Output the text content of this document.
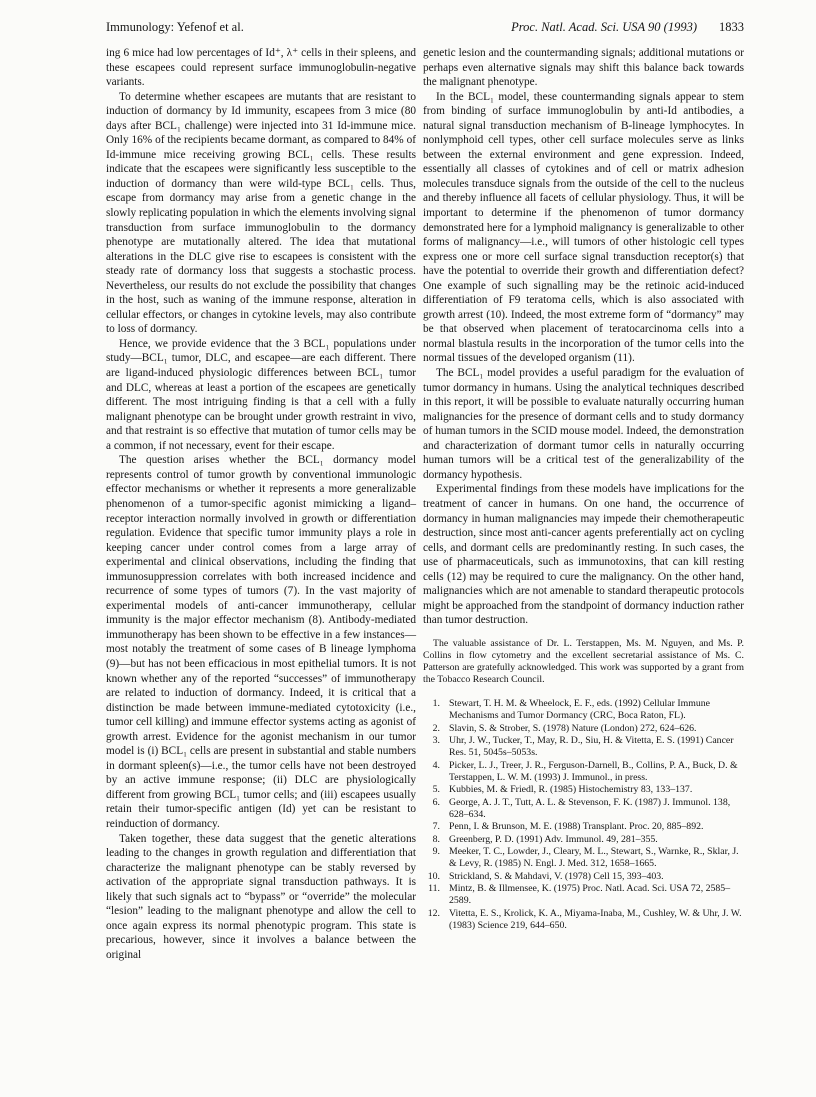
Immunology: Yefenof et al.	Proc. Natl. Acad. Sci. USA 90 (1993) 1833

ing 6 mice had low percentages of Id⁺, λ⁺ cells in their spleens, and these escapees could represent surface immunoglobulin-negative variants.

To determine whether escapees are mutants that are resistant to induction of dormancy by Id immunity, escapees from 3 mice (80 days after BCL₁ challenge) were injected into 31 Id-immune mice. Only 16% of the recipients became dormant, as compared to 84% of Id-immune mice receiving growing BCL₁ cells. These results indicate that the escapees were significantly less susceptible to the induction of dormancy than were wild-type BCL₁ cells. Thus, escape from dormancy may arise from a genetic change in the slowly replicating population in which the elements involving signal transduction from surface immunoglobulin to the dormancy phenotype are mutationally altered. The idea that mutational alterations in the DLC give rise to escapees is consistent with the steady rate of dormancy loss that suggests a stochastic process. Nevertheless, our results do not exclude the possibility that changes in the host, such as waning of the immune response, alteration in cellular effectors, or changes in cytokine levels, may also contribute to loss of dormancy.

Hence, we provide evidence that the 3 BCL₁ populations under study—BCL₁ tumor, DLC, and escapee—are each different. There are ligand-induced physiologic differences between BCL₁ tumor and DLC, whereas at least a portion of the escapees are genetically different. The most intriguing finding is that a cell with a fully malignant phenotype can be brought under growth restraint in vivo, and that restraint is so effective that mutation of tumor cells may be a common, if not necessary, event for their escape.

The question arises whether the BCL₁ dormancy model represents control of tumor growth by conventional immunologic effector mechanisms or whether it represents a more generalizable phenomenon of a tumor-specific agonist mimicking a ligand–receptor interaction normally involved in growth or differentiation regulation. Evidence that specific tumor immunity plays a role in keeping cancer under control comes from a large array of experimental and clinical observations, including the finding that immunosuppression correlates with both increased incidence and recurrence of some types of tumors (7). In the vast majority of experimental models of anti-cancer immunotherapy, cellular immunity is the major effector mechanism (8). Antibody-mediated immunotherapy has been shown to be effective in a few instances—most notably the treatment of some cases of B lineage lymphoma (9)—but has not been efficacious in most epithelial tumors. It is not known whether any of the reported “successes” of immunotherapy are related to induction of dormancy. Indeed, it is critical that a distinction be made between immune-mediated cytotoxicity (i.e., tumor cell killing) and immune effector systems acting as agonist of growth arrest. Evidence for the agonist mechanism in our tumor model is (i) BCL₁ cells are present in substantial and stable numbers in dormant spleen(s)—i.e., the tumor cells have not been destroyed by an active immune response; (ii) DLC are physiologically different from growing BCL₁ tumor cells; and (iii) escapees usually retain their tumor-specific antigen (Id) yet can be resistant to reinduction of dormancy.

Taken together, these data suggest that the genetic alterations leading to the changes in growth regulation and differentiation that characterize the malignant phenotype can be stably reversed by activation of the appropriate signal transduction pathways. It is likely that such signals act to “bypass” or “override” the molecular “lesion” leading to the malignant phenotype and allow the cell to once again express its normal phenotypic program. This state is precarious, however, since it involves a balance between the original

genetic lesion and the countermanding signals; additional mutations or perhaps even alternative signals may shift this balance back towards the malignant phenotype.

In the BCL₁ model, these countermanding signals appear to stem from binding of surface immunoglobulin by anti-Id antibodies, a natural signal transduction mechanism of B-lineage lymphocytes. In nonlymphoid cell types, other cell surface molecules serve as links between the external environment and gene expression. Indeed, essentially all classes of cytokines and of cell or matrix adhesion molecules transduce signals from the outside of the cell to the nucleus and thereby influence all facets of cellular physiology. Thus, it will be important to determine if the phenomenon of tumor dormancy demonstrated here for a lymphoid malignancy is generalizable to other forms of malignancy—i.e., will tumors of other histologic cell types express one or more cell surface signal transduction receptor(s) that have the potential to override their growth and differentiation defect? One example of such signalling may be the retinoic acid-induced differentiation of F9 teratoma cells, which is also associated with growth arrest (10). Indeed, the most extreme form of “dormancy” may be that observed when placement of teratocarcinoma cells into a normal blastula results in the incorporation of the tumor cells into the normal tissues of the developed organism (11).

The BCL₁ model provides a useful paradigm for the evaluation of tumor dormancy in humans. Using the analytical techniques described in this report, it will be possible to evaluate naturally occurring human malignancies for the presence of dormant cells and to study dormancy of human tumors in the SCID mouse model. Indeed, the demonstration and characterization of dormant tumor cells in naturally occurring human tumors will be a critical test of the generalizability of the dormancy hypothesis.

Experimental findings from these models have implications for the treatment of cancer in humans. On one hand, the occurrence of dormancy in human malignancies may impede their chemotherapeutic destruction, since most anti-cancer agents preferentially act on cycling cells, and dormant cells are predominantly resting. In such cases, the use of pharmaceuticals, such as immunotoxins, that can kill resting cells (12) may be required to cure the malignancy. On the other hand, malignancies which are not amenable to standard therapeutic protocols might be approached from the standpoint of dormancy induction rather than tumor destruction.

The valuable assistance of Dr. L. Terstappen, Ms. M. Nguyen, and Ms. P. Collins in flow cytometry and the excellent secretarial assistance of Ms. C. Patterson are gratefully acknowledged. This work was supported by a grant from the Tobacco Research Council.

1. Stewart, T. H. M. & Wheelock, E. F., eds. (1992) Cellular Immune Mechanisms and Tumor Dormancy (CRC, Boca Raton, FL).
2. Slavin, S. & Strober, S. (1978) Nature (London) 272, 624–626.
3. Uhr, J. W., Tucker, T., May, R. D., Siu, H. & Vitetta, E. S. (1991) Cancer Res. 51, 5045s–5053s.
4. Picker, L. J., Treer, J. R., Ferguson-Darnell, B., Collins, P. A., Buck, D. & Terstappen, L. W. M. (1993) J. Immunol., in press.
5. Kubbies, M. & Friedl, R. (1985) Histochemistry 83, 133–137.
6. George, A. J. T., Tutt, A. L. & Stevenson, F. K. (1987) J. Immunol. 138, 628–634.
7. Penn, I. & Brunson, M. E. (1988) Transplant. Proc. 20, 885–892.
8. Greenberg, P. D. (1991) Adv. Immunol. 49, 281–355.
9. Meeker, T. C., Lowder, J., Cleary, M. L., Stewart, S., Warnke, R., Sklar, J. & Levy, R. (1985) N. Engl. J. Med. 312, 1658–1665.
10. Strickland, S. & Mahdavi, V. (1978) Cell 15, 393–403.
11. Mintz, B. & Illmensee, K. (1975) Proc. Natl. Acad. Sci. USA 72, 2585–2589.
12. Vitetta, E. S., Krolick, K. A., Miyama-Inaba, M., Cushley, W. & Uhr, J. W. (1983) Science 219, 644–650.
